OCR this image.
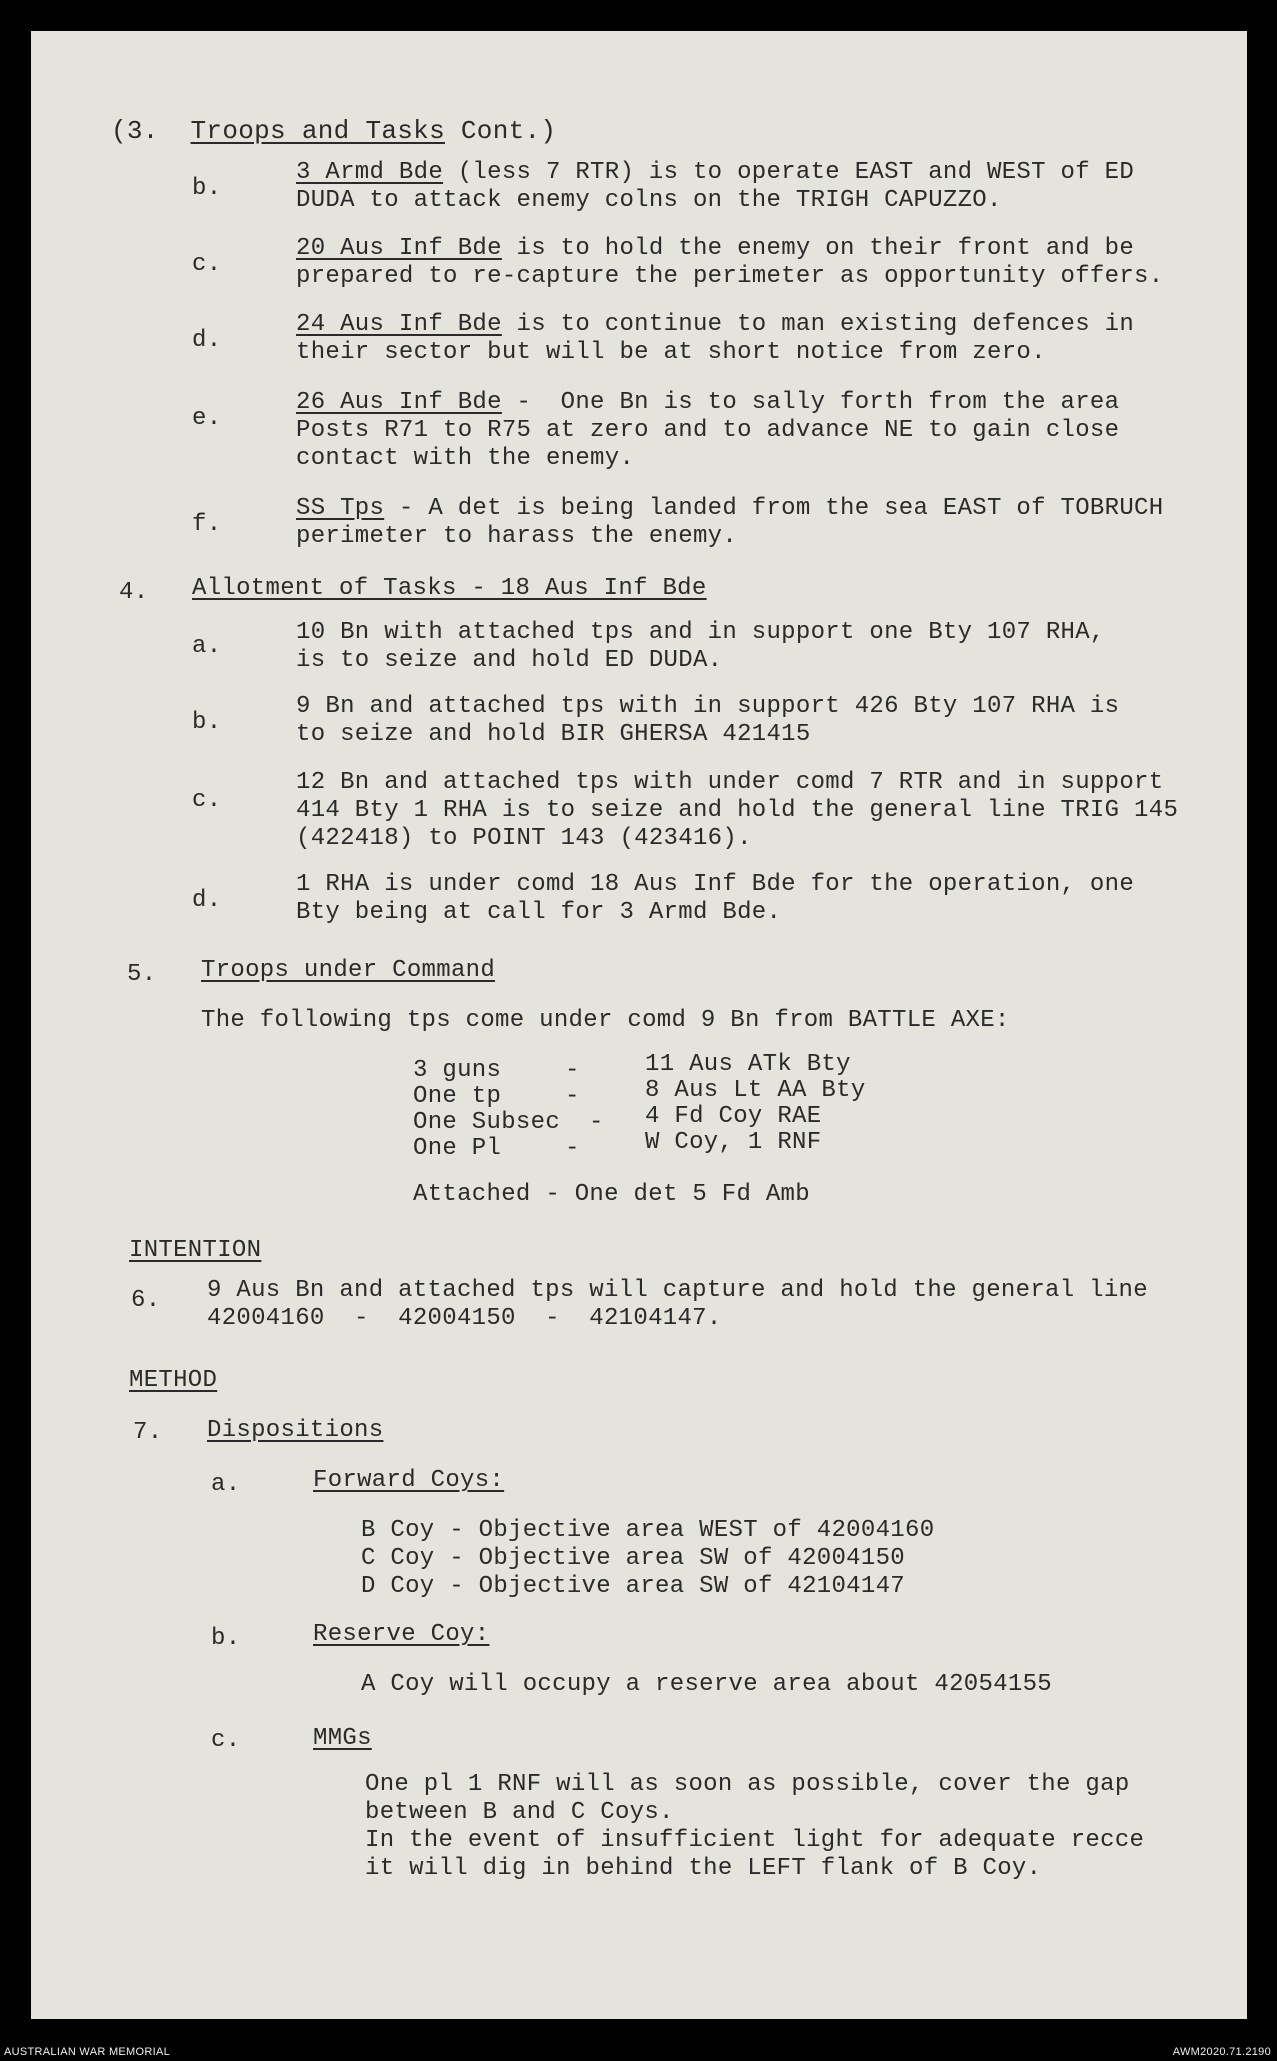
(3. Troops and Tasks Cont.)
b.
3 Armd Bde (less 7 RTR) is to operate EAST and WEST of ED
DUDA to attack enemy colns on the TRIGH CAPUZZO.
c.
20 Aus Inf Bde is to hold the enemy on their front and be
prepared to re-capture the perimeter as opportunity offers.
d.
24 Aus Inf Bde is to continue to man existing defences in
their sector but will be at short notice from zero.
e.
26 Aus Inf Bde -  One Bn is to sally forth from the area
Posts R71 to R75 at zero and to advance NE to gain close
contact with the enemy.
f.
SS Tps - A det is being landed from the sea EAST of TOBRUCH
perimeter to harass the enemy.
4. Allotment of Tasks - 18 Aus Inf Bde
a.
10 Bn with attached tps and in support one Bty 107 RHA,
is to seize and hold ED DUDA.
b.
9 Bn and attached tps with in support 426 Bty 107 RHA is
to seize and hold BIR GHERSA 421415
c.
12 Bn and attached tps with under comd 7 RTR and in support
414 Bty 1 RHA is to seize and hold the general line TRIG 145
(422418) to POINT 143 (423416).
d.
1 RHA is under comd 18 Aus Inf Bde for the operation, one
Bty being at call for 3 Armd Bde.
5. Troops under Command
The following tps come under comd 9 Bn from BATTLE AXE:
3 guns	-	11 Aus ATk Bty
One tp	-	8 Aus Lt AA Bty
One Subsec - 4 Fd Coy RAE
One Pl	-	W Coy, 1 RNF
Attached - One det 5 Fd Amb
INTENTION
6. 9 Aus Bn and attached tps will capture and hold the general line
42004160  -  42004150  -  42104147.
METHOD
7. Dispositions
a.	Forward Coys:
B Coy - Objective area WEST of 42004160
C Coy - Objective area SW of 42004150
D Coy - Objective area SW of 42104147
b.	Reserve Coy:
A Coy will occupy a reserve area about 42054155
c.	MMGs
One pl 1 RNF will as soon as possible, cover the gap
between B and C Coys.
In the event of insufficient light for adequate recce
it will dig in behind the LEFT flank of B Coy.
AUSTRALIAN WAR MEMORIAL	AWM2020.71.2190
